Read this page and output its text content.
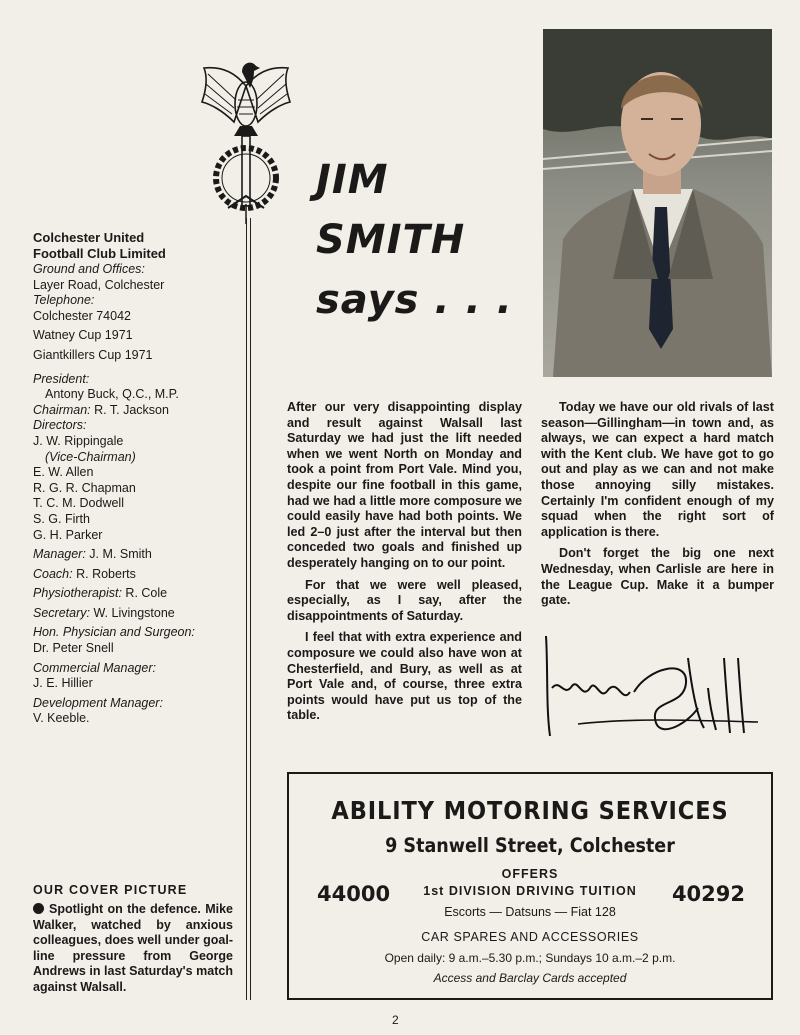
Colchester United
Football Club Limited
Ground and Offices:
Layer Road, Colchester
Telephone:
Colchester 74042
Watney Cup 1971
Giantkillers Cup 1971
President:
Antony Buck, Q.C., M.P.
Chairman: R. T. Jackson
Directors:
J. W. Rippingale
(Vice-Chairman)
E. W. Allen
R. G. R. Chapman
T. C. M. Dodwell
S. G. Firth
G. H. Parker
Manager: J. M. Smith
Coach: R. Roberts
Physiotherapist: R. Cole
Secretary: W. Livingstone
Hon. Physician and Surgeon:
Dr. Peter Snell
Commercial Manager:
J. E. Hillier
Development Manager:
V. Keeble.
OUR COVER PICTURE
Spotlight on the defence. Mike Walker, watched by anxious colleagues, does well under goal-line pressure from George Andrews in last Saturday's match against Walsall.
JIM
SMITH
says . . .

After our very disappointing display and result against Walsall last Saturday we had just the lift needed when we went North on Monday and took a point from Port Vale. Mind you, despite our fine football in this game, had we had a little more composure we could easily have had both points. We led 2–0 just after the interval but then conceded two goals and finished up desperately hanging on to our point.

For that we were well pleased, especially, as I say, after the disappointments of Saturday.

I feel that with extra experience and composure we could also have won at Chesterfield, and Bury, as well as at Port Vale and, of course, three extra points would have put us top of the table.

Today we have our old rivals of last season—Gillingham—in town and, as always, we can expect a hard match with the Kent club. We have got to go out and play as we can and not make those annoying silly mistakes. Certainly I'm confident enough of my squad when the right sort of application is there.

Don't forget the big one next Wednesday, when Carlisle are here in the League Cup. Make it a bumper gate.

ABILITY MOTORING SERVICES
9 Stanwell Street, Colchester
OFFERS
44000	1st DIVISION DRIVING TUITION	40292
Escorts — Datsuns — Fiat 128
CAR SPARES AND ACCESSORIES
Open daily: 9 a.m.–5.30 p.m.; Sundays 10 a.m.–2 p.m.
Access and Barclay Cards accepted
2
